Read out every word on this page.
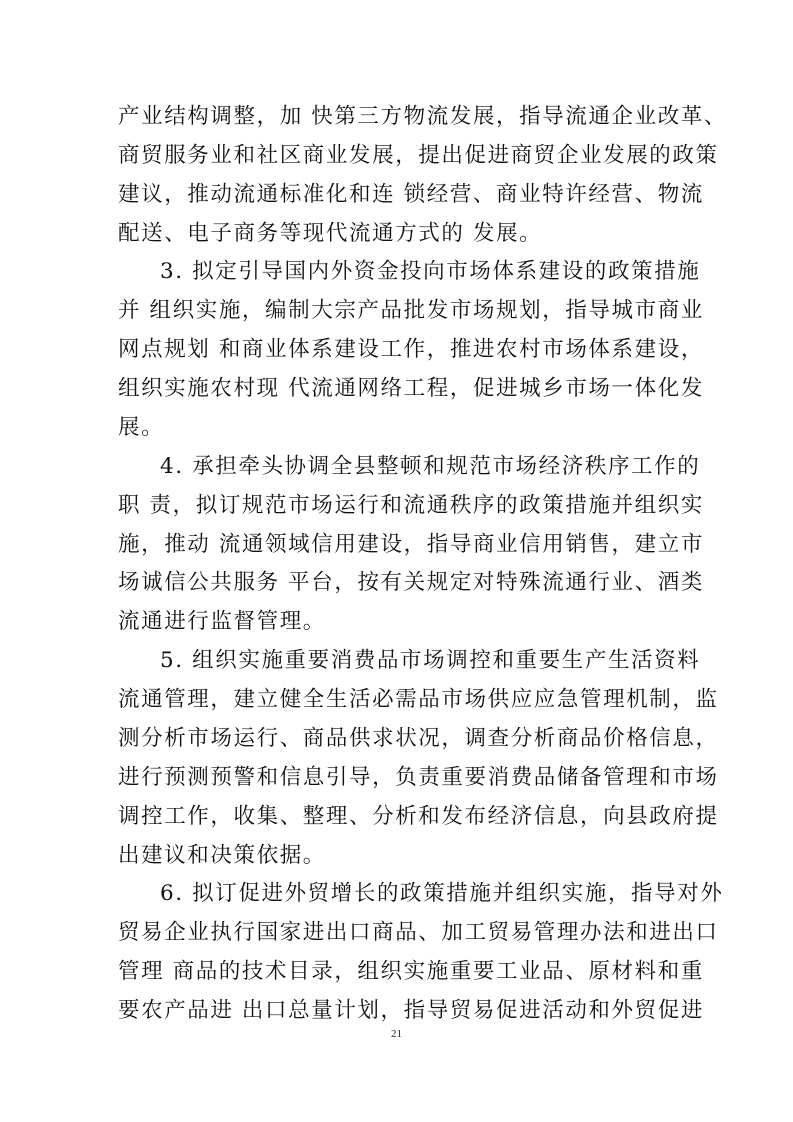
产业结构调整，加 快第三方物流发展，指导流通企业改革、
商贸服务业和社区商业发展，提出促进商贸企业发展的政策
建议，推动流通标准化和连 锁经营、商业特许经营、物流
配送、电子商务等现代流通方式的 发展。
3. 拟定引导国内外资金投向市场体系建设的政策措施
并 组织实施，编制大宗产品批发市场规划，指导城市商业
网点规划 和商业体系建设工作，推进农村市场体系建设，
组织实施农村现 代流通网络工程，促进城乡市场一体化发
展。
4. 承担牵头协调全县整顿和规范市场经济秩序工作的
职 责，拟订规范市场运行和流通秩序的政策措施并组织实
施，推动 流通领域信用建设，指导商业信用销售，建立市
场诚信公共服务 平台，按有关规定对特殊流通行业、酒类
流通进行监督管理。
5. 组织实施重要消费品市场调控和重要生产生活资料
流通管理，建立健全生活必需品市场供应应急管理机制，监
测分析市场运行、商品供求状况，调查分析商品价格信息，
进行预测预警和信息引导，负责重要消费品储备管理和市场
调控工作，收集、整理、分析和发布经济信息，向县政府提
出建议和决策依据。
6. 拟订促进外贸增长的政策措施并组织实施，指导对外
贸易企业执行国家进出口商品、加工贸易管理办法和进出口
管理 商品的技术目录，组织实施重要工业品、原材料和重
要农产品进 出口总量计划，指导贸易促进活动和外贸促进
21
